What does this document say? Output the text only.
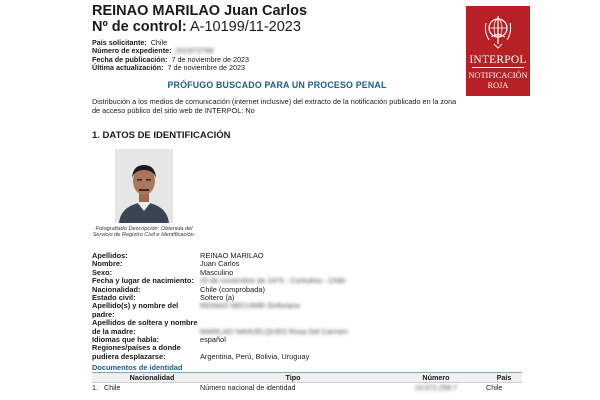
REINAO MARILAO Juan Carlos
Nº de control: A-10199/11-2023
País solicitante: Chile
Número de expediente: 2023/72768
Fecha de publicación: 7 de noviembre de 2023
Última actualización: 7 de noviembre de 2023
INTERPOL
NOTIFICACIÓN
ROJA
PRÓFUGO BUSCADO PARA UN PROCESO PENAL
Distribución a los medios de comunicación (internet inclusive) del extracto de la notificación publicado en la zona de acceso público del sitio web de INTERPOL: No
1. DATOS DE IDENTIFICACIÓN
Fotografiado Descripción: Obtenida del Servicio de Registro Civil e Identificación.
Apellidos:	REINAO MARILAO
Nombre:	Juan Carlos
Sexo:	Masculino
Fecha y lugar de nacimiento: 20 de noviembre de 1975 - Contulmo - Chile
Nacionalidad:	Chile (comprobada)
Estado civil:	Soltero (a)
Apellido(s) y nombre del padre:
REINAO NECUMIR Sinforiano
Apellidos de soltera y nombre de la madre:	MARILAO NAHUELQUEO Rosa Del Carmen
Idiomas que habla:	español
Regiones/países a donde pudiera desplazarse:	Argentina, Perú, Bolivia, Uruguay
Documentos de identidad
Nacionalidad	Tipo	Número	País
1. Chile	Número nacional de identidad	14.072.258-7	Chile
